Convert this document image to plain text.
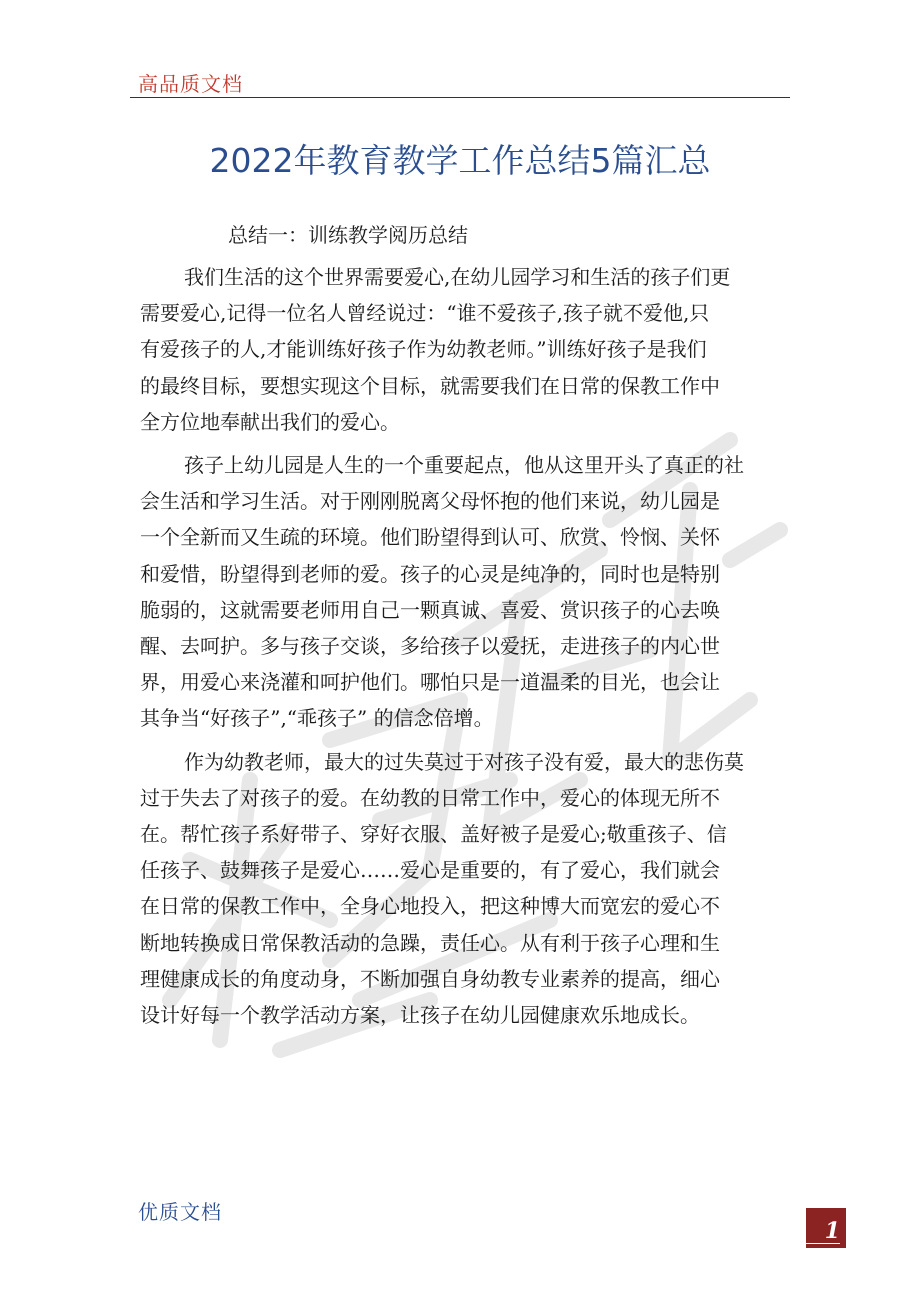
高品质文档
2022年教育教学工作总结5篇汇总
总结一：训练教学阅历总结
我们生活的这个世界需要爱心,在幼儿园学习和生活的孩子们更
需要爱心,记得一位名人曾经说过：“谁不爱孩子,孩子就不爱他,只
有爱孩子的人,才能训练好孩子作为幼教老师。”训练好孩子是我们
的最终目标，要想实现这个目标，就需要我们在日常的保教工作中
全方位地奉献出我们的爱心。
孩子上幼儿园是人生的一个重要起点，他从这里开头了真正的社
会生活和学习生活。对于刚刚脱离父母怀抱的他们来说，幼儿园是
一个全新而又生疏的环境。他们盼望得到认可、欣赏、怜悯、关怀
和爱惜，盼望得到老师的爱。孩子的心灵是纯净的，同时也是特别
脆弱的，这就需要老师用自己一颗真诚、喜爱、赏识孩子的心去唤
醒、去呵护。多与孩子交谈，多给孩子以爱抚，走进孩子的内心世
界，用爱心来浇灌和呵护他们。哪怕只是一道温柔的目光，也会让
其争当“好孩子”,“乖孩子” 的信念倍增。
作为幼教老师，最大的过失莫过于对孩子没有爱，最大的悲伤莫
过于失去了对孩子的爱。在幼教的日常工作中，爱心的体现无所不
在。帮忙孩子系好带子、穿好衣服、盖好被子是爱心;敬重孩子、信
任孩子、鼓舞孩子是爱心……爱心是重要的，有了爱心，我们就会
在日常的保教工作中，全身心地投入，把这种博大而宽宏的爱心不
断地转换成日常保教活动的急躁，责任心。从有利于孩子心理和生
理健康成长的角度动身，不断加强自身幼教专业素养的提高，细心
设计好每一个教学活动方案，让孩子在幼儿园健康欢乐地成长。
优质文档
1
